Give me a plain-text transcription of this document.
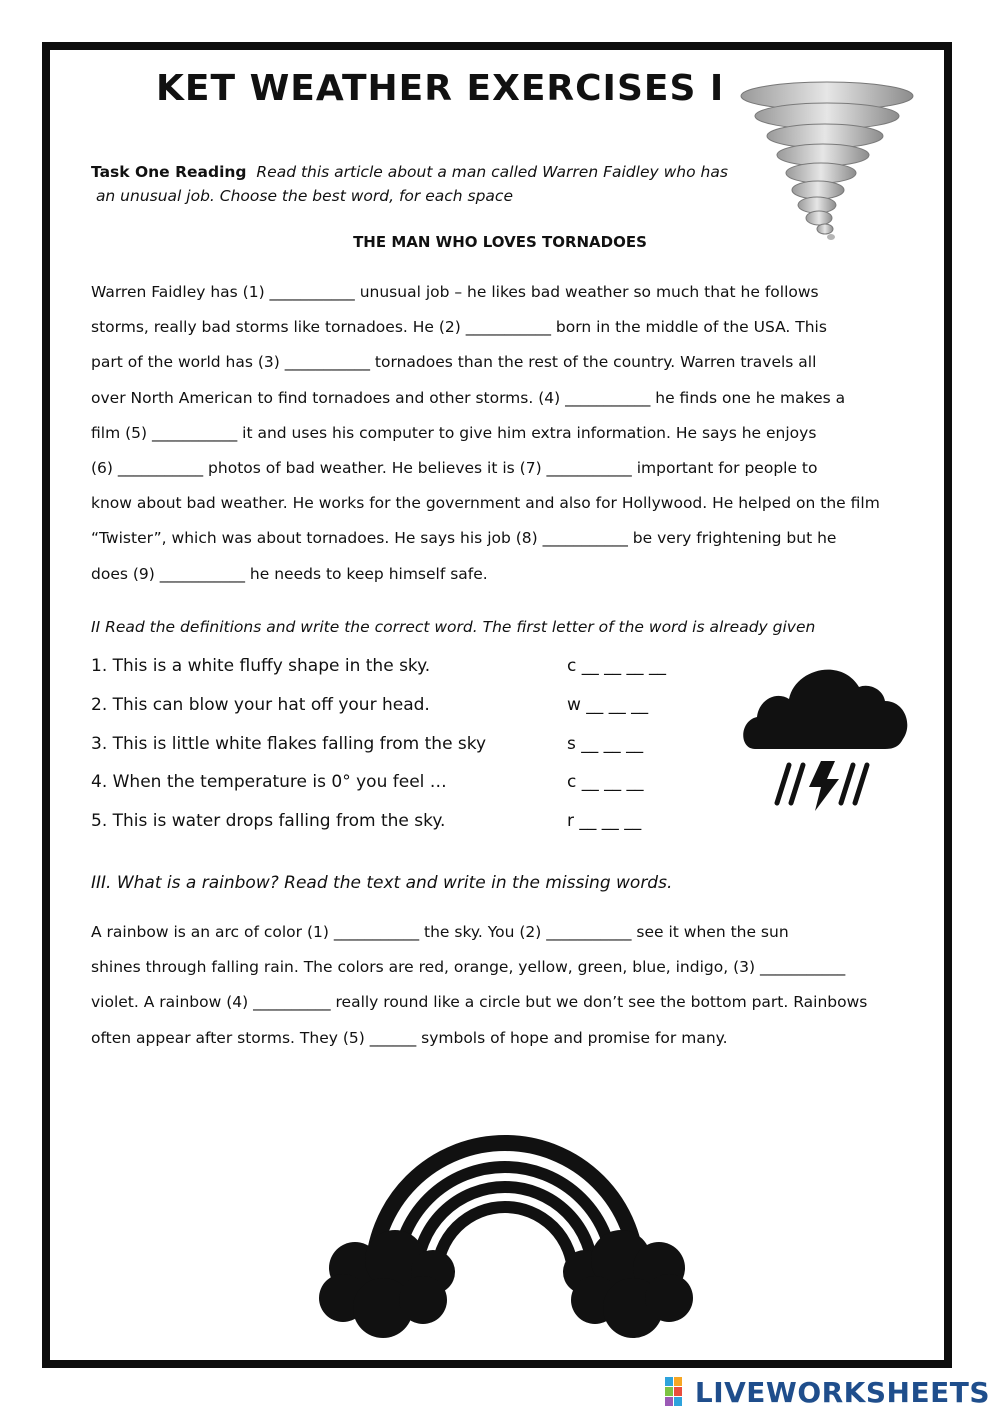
KET WEATHER EXERCISES I
Task One Reading Read this article about a man called Warren Faidley who has
an unusual job. Choose the best word, for each space
THE MAN WHO LOVES TORNADOES
Warren Faidley has (1) ___________ unusual job – he likes bad weather so much that he follows
storms, really bad storms like tornadoes. He (2) ___________ born in the middle of the USA. This
part of the world has (3) ___________ tornadoes than the rest of the country. Warren travels all
over North American to find tornadoes and other storms. (4) ___________ he finds one he makes a
film (5) ___________ it and uses his computer to give him extra information. He says he enjoys
(6) ___________ photos of bad weather. He believes it is (7) ___________ important for people to
know about bad weather. He works for the government and also for Hollywood. He helped on the film
“Twister”, which was about tornadoes. He says his job (8) ___________ be very frightening but he
does (9) ___________ he needs to keep himself safe.
II Read the definitions and write the correct word. The first letter of the word is already given
1. This is a white fluffy shape in the sky.	c __ __ __ __
2. This can blow your hat off your head.	w __ __ __
3. This is little white flakes falling from the sky	s __ __ __
4. When the temperature is 0° you feel …	c __ __ __
5. This is water drops falling from the sky.	r __ __ __
III. What is a rainbow? Read the text and write in the missing words.
A rainbow is an arc of color (1) ___________ the sky. You (2) ___________ see it when the sun
shines through falling rain. The colors are red, orange, yellow, green, blue, indigo, (3) ___________
violet. A rainbow (4) __________ really round like a circle but we don’t see the bottom part. Rainbows
often appear after storms. They (5) ______ symbols of hope and promise for many.
LIVEWORKSHEETS
